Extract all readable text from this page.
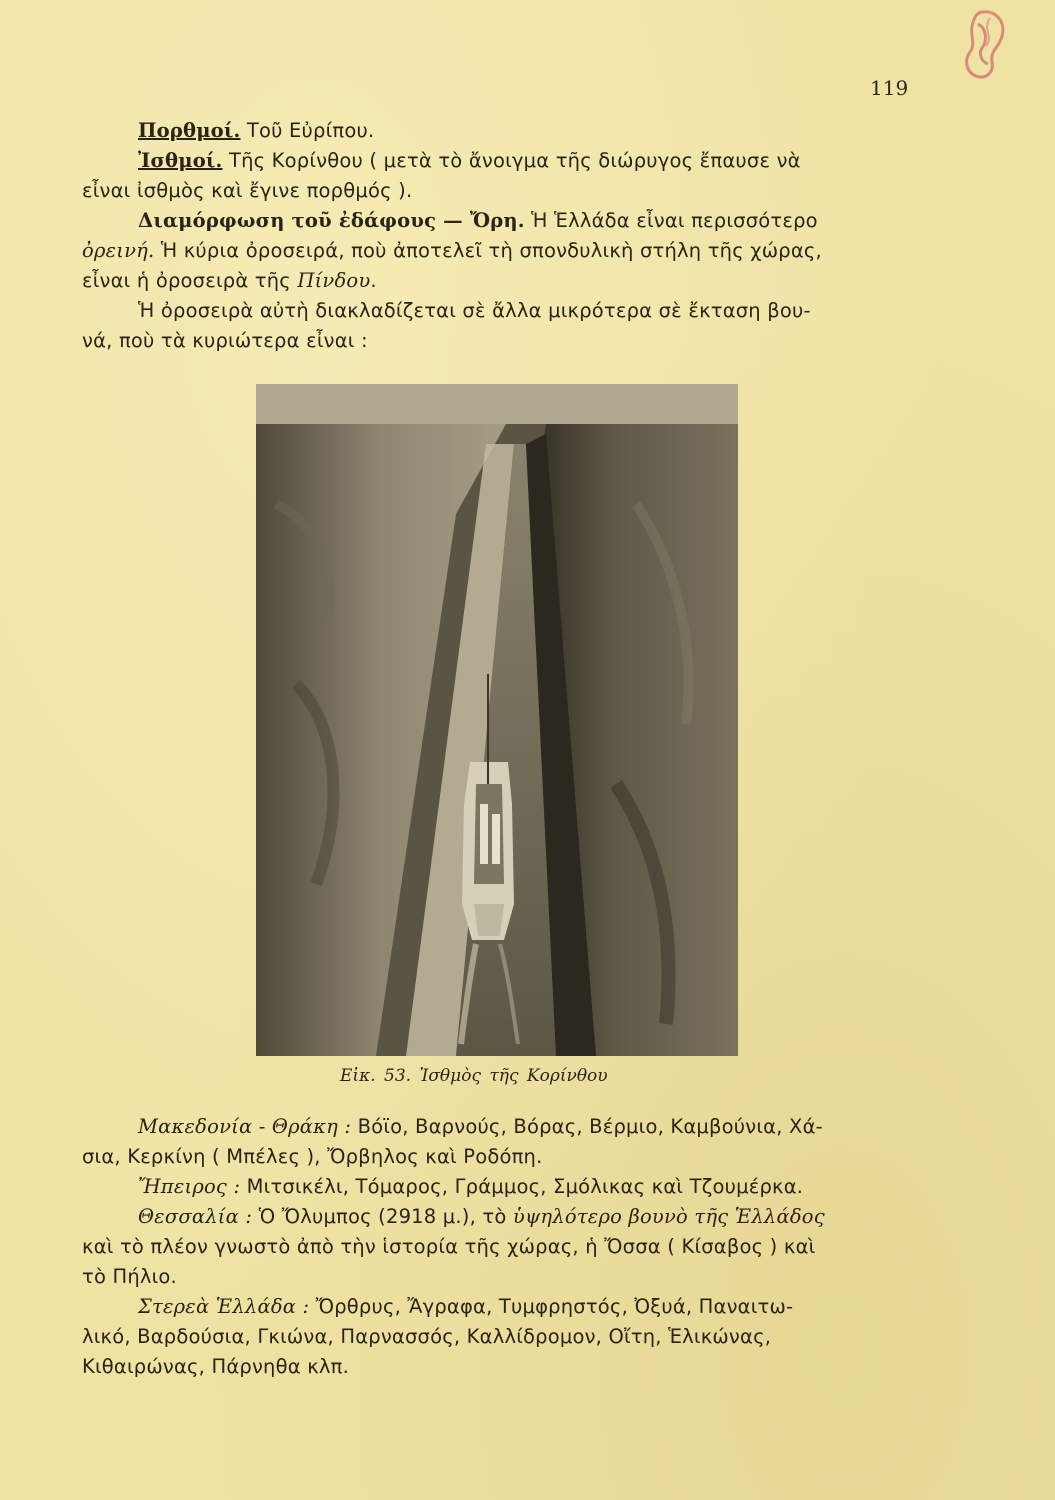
119
Πορθμοί. Τοῦ Εὐρίπου.
Ἰσθμοί. Τῆς Κορίνθου ( μετὰ τὸ ἄνοιγμα τῆς διώρυγος ἔπαυσε νὰ
εἶναι ἰσθμὸς καὶ ἔγινε πορθμός ).
Διαμόρφωση τοῦ ἐδάφους — Ὄρη. Ἡ Ἑλλάδα εἶναι περισσότερο
ὀρεινή. Ἡ κύρια ὀροσειρά, ποὺ ἀποτελεῖ τὴ σπονδυλικὴ στήλη τῆς χώρας,
εἶναι ἡ ὀροσειρὰ τῆς Πίνδου.
Ἡ ὀροσειρὰ αὐτὴ διακλαδίζεται σὲ ἄλλα μικρότερα σὲ ἔκταση βου-
νά, ποὺ τὰ κυριώτερα εἶναι :
Εἰκ. 53. Ἰσθμὸς τῆς Κορίνθου
Μακεδονία - Θράκη : Βόϊο, Βαρνούς, Βόρας, Βέρμιο, Καμβούνια, Χά-
σια, Κερκίνη ( Μπέλες ), Ὄρβηλος καὶ Ροδόπη.
Ἤπειρος : Μιτσικέλι, Τόμαρος, Γράμμος, Σμόλικας καὶ Τζουμέρκα.
Θεσσαλία : Ὁ Ὄλυμπος (2918 μ.), τὸ ὑψηλότερο βουνὸ τῆς Ἑλλάδος
καὶ τὸ πλέον γνωστὸ ἀπὸ τὴν ἱστορία τῆς χώρας, ἡ Ὄσσα ( Κίσαβος ) καὶ
τὸ Πήλιο.
Στερεὰ Ἑλλάδα : Ὄρθρυς, Ἄγραφα, Τυμφρηστός, Ὀξυά, Παναιτω-
λικό, Βαρδούσια, Γκιώνα, Παρνασσός, Καλλίδρομον, Οἴτη, Ἑλικώνας,
Κιθαιρώνας, Πάρνηθα κλπ.
